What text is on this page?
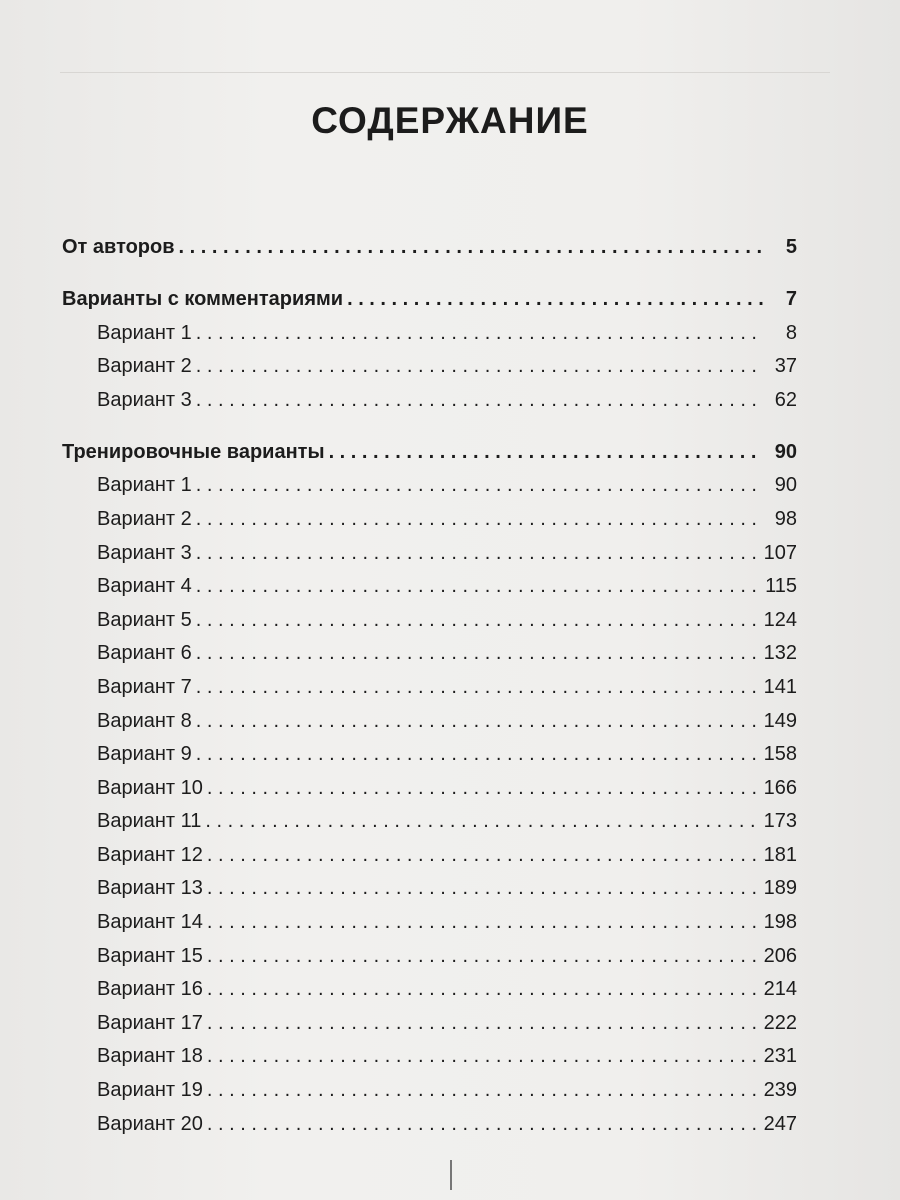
СОДЕРЖАНИЕ
От авторов . . .	5
Варианты с комментариями . . .	7
Вариант 1 . . .	8
Вариант 2 . . .	37
Вариант 3 . . .	62
Тренировочные варианты . . .	90
Вариант 1 . . .	90
Вариант 2 . . .	98
Вариант 3 . . .	107
Вариант 4 . . .	115
Вариант 5 . . .	124
Вариант 6 . . .	132
Вариант 7 . . .	141
Вариант 8 . . .	149
Вариант 9 . . .	158
Вариант 10 . . .	166
Вариант 11 . . .	173
Вариант 12 . . .	181
Вариант 13 . . .	189
Вариант 14 . . .	198
Вариант 15 . . .	206
Вариант 16 . . .	214
Вариант 17 . . .	222
Вариант 18 . . .	231
Вариант 19 . . .	239
Вариант 20 . . .	247
